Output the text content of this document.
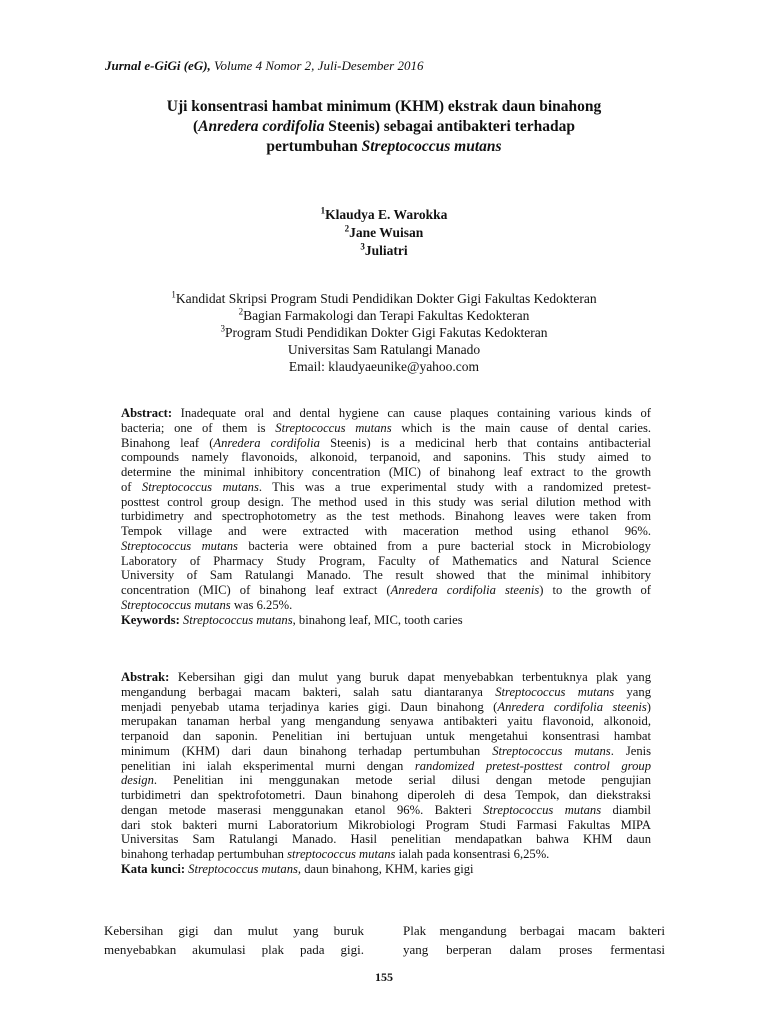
Jurnal e-GiGi (eG), Volume 4 Nomor 2, Juli-Desember 2016
Uji konsentrasi hambat minimum (KHM) ekstrak daun binahong
(Anredera cordifolia Steenis) sebagai antibakteri terhadap
pertumbuhan Streptococcus mutans
$^1$Klaudya E. Warokka
$^2$Jane Wuisan
$^3$Juliatri
$^1$Kandidat Skripsi Program Studi Pendidikan Dokter Gigi Fakultas Kedokteran
$^2$Bagian Farmakologi dan Terapi Fakultas Kedokteran
$^3$Program Studi Pendidikan Dokter Gigi Fakutas Kedokteran
Universitas Sam Ratulangi Manado
Email: klaudyaeunike@yahoo.com
Abstract: Inadequate oral and dental hygiene can cause plaques containing various kinds of
bacteria; one of them is Streptococcus mutans which is the main cause of dental caries.
Binahong leaf (Anredera cordifolia Steenis) is a medicinal herb that contains antibacterial
compounds namely flavonoids, alkonoid, terpanoid, and saponins. This study aimed to
determine the minimal inhibitory concentration (MIC) of binahong leaf extract to the growth
of Streptococcus mutans. This was a true experimental study with a randomized pretest-
posttest control group design. The method used in this study was serial dilution method with
turbidimetry and spectrophotometry as the test methods. Binahong leaves were taken from
Tempok village and were extracted with maceration method using ethanol 96%.
Streptococcus mutans bacteria were obtained from a pure bacterial stock in Microbiology
Laboratory of Pharmacy Study Program, Faculty of Mathematics and Natural Science
University of Sam Ratulangi Manado. The result showed that the minimal inhibitory
concentration (MIC) of binahong leaf extract (Anredera cordifolia steenis) to the growth of
Streptococcus mutans was 6.25%.
Keywords: Streptococcus mutans, binahong leaf, MIC, tooth caries
Abstrak: Kebersihan gigi dan mulut yang buruk dapat menyebabkan terbentuknya plak yang
mengandung berbagai macam bakteri, salah satu diantaranya Streptococcus mutans yang
menjadi penyebab utama terjadinya karies gigi. Daun binahong (Anredera cordifolia steenis)
merupakan tanaman herbal yang mengandung senyawa antibakteri yaitu flavonoid, alkonoid,
terpanoid dan saponin. Penelitian ini bertujuan untuk mengetahui konsentrasi hambat
minimum (KHM) dari daun binahong terhadap pertumbuhan Streptococcus mutans. Jenis
penelitian ini ialah eksperimental murni dengan randomized pretest-posttest control group
design. Penelitian ini menggunakan metode serial dilusi dengan metode pengujian
turbidimetri dan spektrofotometri. Daun binahong diperoleh di desa Tempok, dan diekstraksi
dengan metode maserasi menggunakan etanol 96%. Bakteri Streptococcus mutans diambil
dari stok bakteri murni Laboratorium Mikrobiologi Program Studi Farmasi Fakultas MIPA
Universitas Sam Ratulangi Manado. Hasil penelitian mendapatkan bahwa KHM daun
binahong terhadap pertumbuhan streptococcus mutans ialah pada konsentrasi 6,25%.
Kata kunci: Streptococcus mutans, daun binahong, KHM, karies gigi
Kebersihan gigi dan mulut yang buruk
menyebabkan akumulasi plak pada gigi.
Plak mengandung berbagai macam bakteri
yang berperan dalam proses fermentasi
155
